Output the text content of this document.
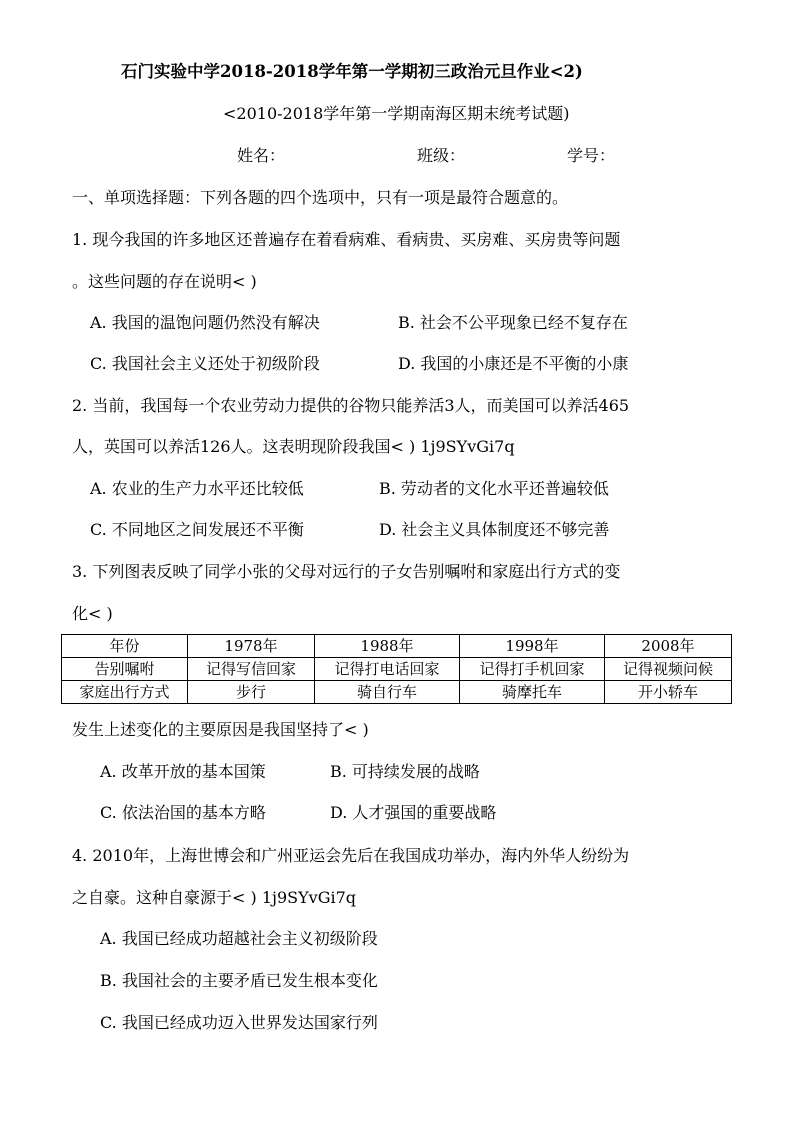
石门实验中学2018-2018学年第一学期初三政治元旦作业<2)
<2010-2018学年第一学期南海区期末统考试题)
姓名：	班级：	学号：
一、单项选择题：下列各题的四个选项中，只有一项是最符合题意的。
1. 现今我国的许多地区还普遍存在着看病难、看病贵、买房难、买房贵等问题
。这些问题的存在说明< )
A. 我国的温饱问题仍然没有解决	B. 社会不公平现象已经不复存在
C. 我国社会主义还处于初级阶段	D. 我国的小康还是不平衡的小康
2. 当前，我国每一个农业劳动力提供的谷物只能养活3人，而美国可以养活465
人，英国可以养活126人。这表明现阶段我国< ) 1j9SYvGi7q
A. 农业的生产力水平还比较低	B. 劳动者的文化水平还普遍较低
C. 不同地区之间发展还不平衡	D. 社会主义具体制度还不够完善
3. 下列图表反映了同学小张的父母对远行的子女告别嘱咐和家庭出行方式的变
化< )
年份	1978年	1988年	1998年	2008年
告别嘱咐	记得写信回家	记得打电话回家	记得打手机回家	记得视频问候
家庭出行方式	步行	骑自行车	骑摩托车	开小轿车
发生上述变化的主要原因是我国坚持了< )
A. 改革开放的基本国策	B. 可持续发展的战略
C. 依法治国的基本方略	D. 人才强国的重要战略
4. 2010年，上海世博会和广州亚运会先后在我国成功举办，海内外华人纷纷为
之自豪。这种自豪源于< ) 1j9SYvGi7q
A. 我国已经成功超越社会主义初级阶段
B. 我国社会的主要矛盾已发生根本变化
C. 我国已经成功迈入世界发达国家行列
